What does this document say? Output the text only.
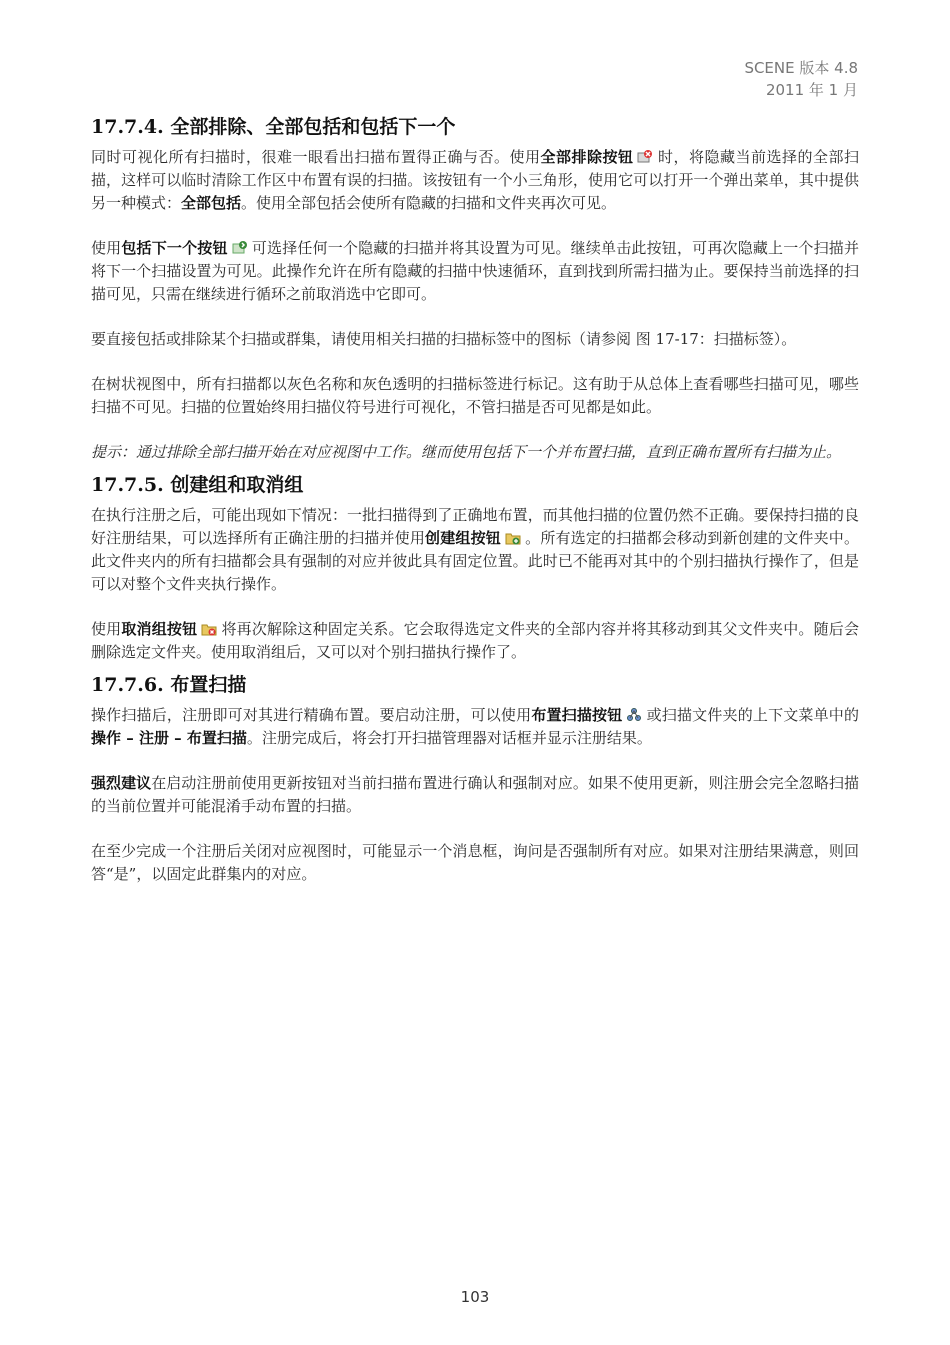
SCENE 版本 4.8
2011 年 1 月
17.7.4. 全部排除、全部包括和包括下一个

同时可视化所有扫描时，很难一眼看出扫描布置得正确与否。使用全部排除按钮 时，将隐藏当前选择的全部扫描，这样可以临时清除工作区中布置有误的扫描。该按钮有一个小三角形，使用它可以打开一个弹出菜单，其中提供另一种模式：全部包括。使用全部包括会使所有隐藏的扫描和文件夹再次可见。

使用包括下一个按钮 可选择任何一个隐藏的扫描并将其设置为可见。继续单击此按钮，可再次隐藏上一个扫描并将下一个扫描设置为可见。此操作允许在所有隐藏的扫描中快速循环，直到找到所需扫描为止。要保持当前选择的扫描可见，只需在继续进行循环之前取消选中它即可。

要直接包括或排除某个扫描或群集，请使用相关扫描的扫描标签中的图标（请参阅 图 17-17：扫描标签）。

在树状视图中，所有扫描都以灰色名称和灰色透明的扫描标签进行标记。这有助于从总体上查看哪些扫描可见，哪些扫描不可见。扫描的位置始终用扫描仪符号进行可视化，不管扫描是否可见都是如此。

提示：通过排除全部扫描开始在对应视图中工作。继而使用包括下一个并布置扫描，直到正确布置所有扫描为止。

17.7.5. 创建组和取消组

在执行注册之后，可能出现如下情况：一批扫描得到了正确地布置，而其他扫描的位置仍然不正确。要保持扫描的良好注册结果，可以选择所有正确注册的扫描并使用创建组按钮 。所有选定的扫描都会移动到新创建的文件夹中。此文件夹内的所有扫描都会具有强制的对应并彼此具有固定位置。此时已不能再对其中的个别扫描执行操作了，但是可以对整个文件夹执行操作。

使用取消组按钮 将再次解除这种固定关系。它会取得选定文件夹的全部内容并将其移动到其父文件夹中。随后会删除选定文件夹。使用取消组后，又可以对个别扫描执行操作了。

17.7.6. 布置扫描

操作扫描后，注册即可对其进行精确布置。要启动注册，可以使用布置扫描按钮 或扫描文件夹的上下文菜单中的操作 – 注册 – 布置扫描。注册完成后，将会打开扫描管理器对话框并显示注册结果。

强烈建议在启动注册前使用更新按钮对当前扫描布置进行确认和强制对应。如果不使用更新，则注册会完全忽略扫描的当前位置并可能混淆手动布置的扫描。

在至少完成一个注册后关闭对应视图时，可能显示一个消息框，询问是否强制所有对应。如果对注册结果满意，则回答“是”，以固定此群集内的对应。

103
